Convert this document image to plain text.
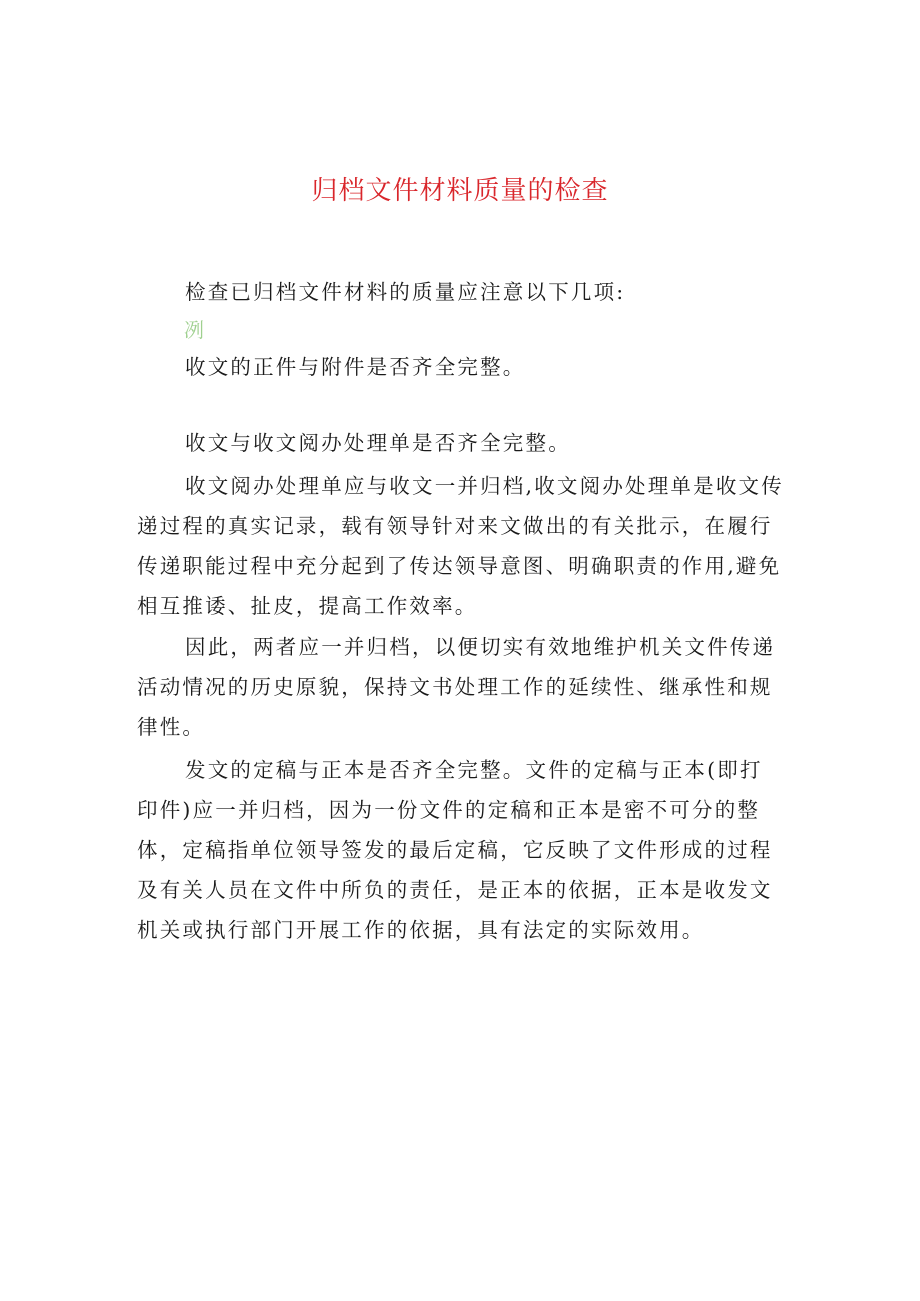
归档文件材料质量的检查

检查已归档文件材料的质量应注意以下几项:

冽

收文的正件与附件是否齐全完整。

收文与收文阅办处理单是否齐全完整。

收文阅办处理单应与收文一并归档,收文阅办处理单是收文传递过程的真实记录，载有领导针对来文做出的有关批示，在履行传递职能过程中充分起到了传达领导意图、明确职责的作用,避免相互推诿、扯皮，提高工作效率。

因此，两者应一并归档，以便切实有效地维护机关文件传递活动情况的历史原貌，保持文书处理工作的延续性、继承性和规律性。

发文的定稿与正本是否齐全完整。文件的定稿与正本(即打印件)应一并归档，因为一份文件的定稿和正本是密不可分的整体，定稿指单位领导签发的最后定稿，它反映了文件形成的过程及有关人员在文件中所负的责任，是正本的依据，正本是收发文机关或执行部门开展工作的依据，具有法定的实际效用。
